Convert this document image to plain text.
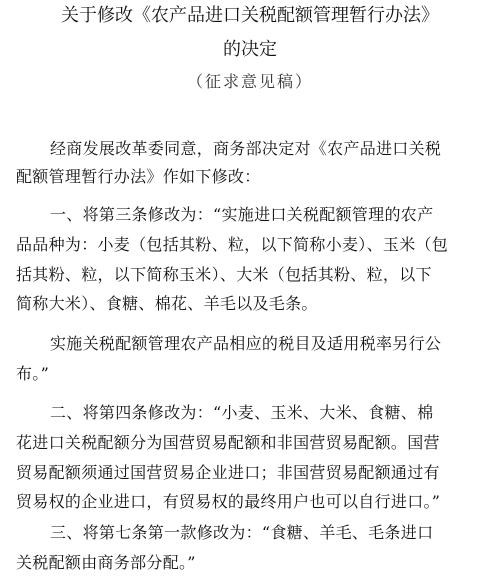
关于修改《农产品进口关税配额管理暂行办法》
的决定
（征求意见稿）
经商发展改革委同意，商务部决定对《农产品进口关税
配额管理暂行办法》作如下修改：
一、将第三条修改为：“实施进口关税配额管理的农产
品品种为：小麦（包括其粉、粒，以下简称小麦）、玉米（包
括其粉、粒，以下简称玉米）、大米（包括其粉、粒，以下
简称大米）、食糖、棉花、羊毛以及毛条。
实施关税配额管理农产品相应的税目及适用税率另行公
布。”
二、将第四条修改为：“小麦、玉米、大米、食糖、棉
花进口关税配额分为国营贸易配额和非国营贸易配额。国营
贸易配额须通过国营贸易企业进口；非国营贸易配额通过有
贸易权的企业进口，有贸易权的最终用户也可以自行进口。”
三、将第七条第一款修改为：“食糖、羊毛、毛条进口
关税配额由商务部分配。”
